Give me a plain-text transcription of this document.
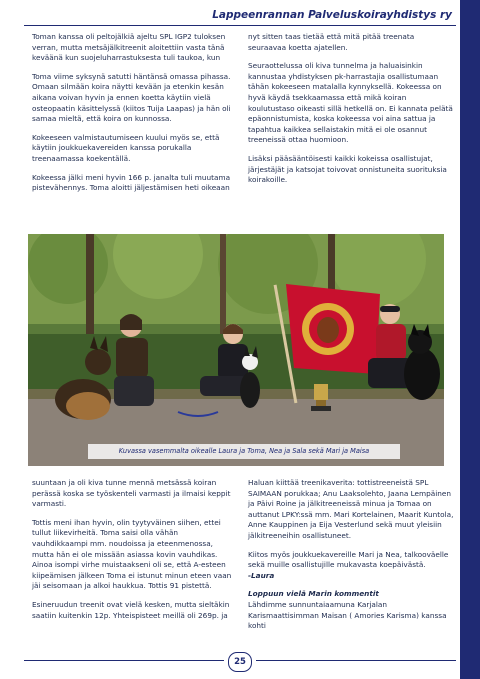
Lappeenrannan Palveluskoirayhdistys ry

Toman kanssa oli peltojälkiä ajeltu SPL IGP2 tuloksen verran, mutta metsäjälkitreenit aloitettiin vasta tänä keväänä kun suojeluharrastuksesta tuli taukoa, kun

Toma viime syksynä satutti häntänsä omassa pihassa. Omaan silmään koira näytti kevään ja etenkin kesän aikana voivan hyvin ja ennen koetta käytiin vielä osteopaatin käsittelyssä (kiitos Tuija Laapas) ja hän oli samaa mieltä, että koira on kunnossa.

Kokeeseen valmistautumiseen kuului myös se, että käytiin joukkuekavereiden kanssa porukalla treenaamassa koekentällä.

Kokeessa jälki meni hyvin 166 p. janalta tuli muutama pistevähennys. Toma aloitti jäljestämisen heti oikeaan

nyt sitten taas tietää että mitä pitää treenata seuraavaa koetta ajatellen.

Seuraottelussa oli kiva tunnelma ja haluaisinkin kannustaa yhdistyksen pk-harrastajia osallistumaan tähän kokeeseen matalalla kynnyksellä. Kokeessa on hyvä käydä tsekkaamassa että mikä koiran koulutustaso oikeasti sillä hetkellä on. Ei kannata pelätä epäonnistumista, koska kokeessa voi aina sattua ja tapahtua kaikkea sellaistakin mitä ei ole osannut treeneissä ottaa huomioon.

Lisäksi pääsääntöisesti kaikki kokeissa osallistujat, järjestäjät ja katsojat toivovat onnistuneita suorituksia koirakoille.

Kuvassa vasemmalta oikealle Laura ja Toma, Nea ja Sala sekä Mari ja Maisa

suuntaan ja oli kiva tunne mennä metsässä koiran perässä koska se työskenteli varmasti ja ilmaisi keppit varmasti.

Tottis meni ihan hyvin, olin tyytyväinen siihen, ettei tullut liikevirheitä. Toma saisi olla vähän vauhdikkaampi mm. noudoissa ja eteenmenossa, mutta hän ei ole missään asiassa kovin vauhdikas. Ainoa isompi virhe muistaakseni oli se, että A-esteen kiipeämisen jälkeen Toma ei istunut minun eteen vaan jäi seisomaan ja alkoi haukkua. Tottis 91 pistettä.

Esineruudun treenit ovat vielä kesken, mutta sieltäkin saatiin kuitenkin 12p. Yhteispisteet meillä oli 269p. ja

Haluan kiittää treenikaverita: tottistreeneistä SPL SAIMAAN porukkaa; Anu Laaksolehto, Jaana Lempäinen ja Päivi Roine ja jälkitreeneissä minua ja Tomaa on auttanut LPKY:ssä mm. Mari Kortelainen, Maarit Kuntola, Anne Kauppinen ja Eija Vesterlund sekä muut yleisiin jälkitreeneihin osallistuneet.

Kiitos myös joukkuekavereille Mari ja Nea, talkooväelle sekä muille osallistujille mukavasta koepäivästä.

-Laura

Loppuun vielä Marin kommentit

Lähdimme sunnuntaiaamuna Karjalan Karismaattisimman Maisan ( Amories Karisma) kanssa kohti

25
